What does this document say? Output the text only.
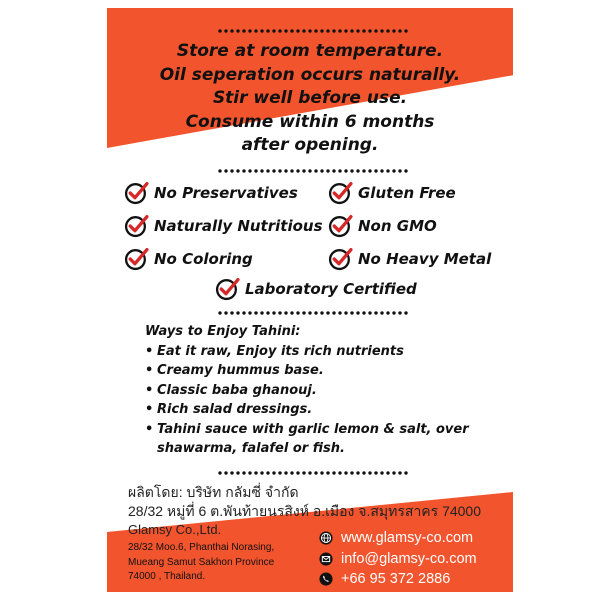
Store at room temperature.
Oil seperation occurs naturally.
Stir well before use.
Consume within 6 months
after opening.
No Preservatives	Gluten Free
Naturally Nutritious Non GMO
No Coloring	No Heavy Metal
Laboratory Certified
Ways to Enjoy Tahini:
• Eat it raw, Enjoy its rich nutrients
• Creamy hummus base.
• Classic baba ghanouj.
• Rich salad dressings.
• Tahini sauce with garlic lemon & salt, over shawarma, falafel or fish.
ผลิตโดย: บริษัท กลัมซี่ จำกัด
28/32 หมู่ที่ 6 ต.พันท้ายนรสิงห์ อ.เมือง จ.สมุทรสาคร 74000
Glamsy Co.,Ltd.
28/32 Moo.6, Phanthai Norasing,
Mueang Samut Sakhon Province
74000 , Thailand.
www.glamsy-co.com
info@glamsy-co.com
+66 95 372 2886
